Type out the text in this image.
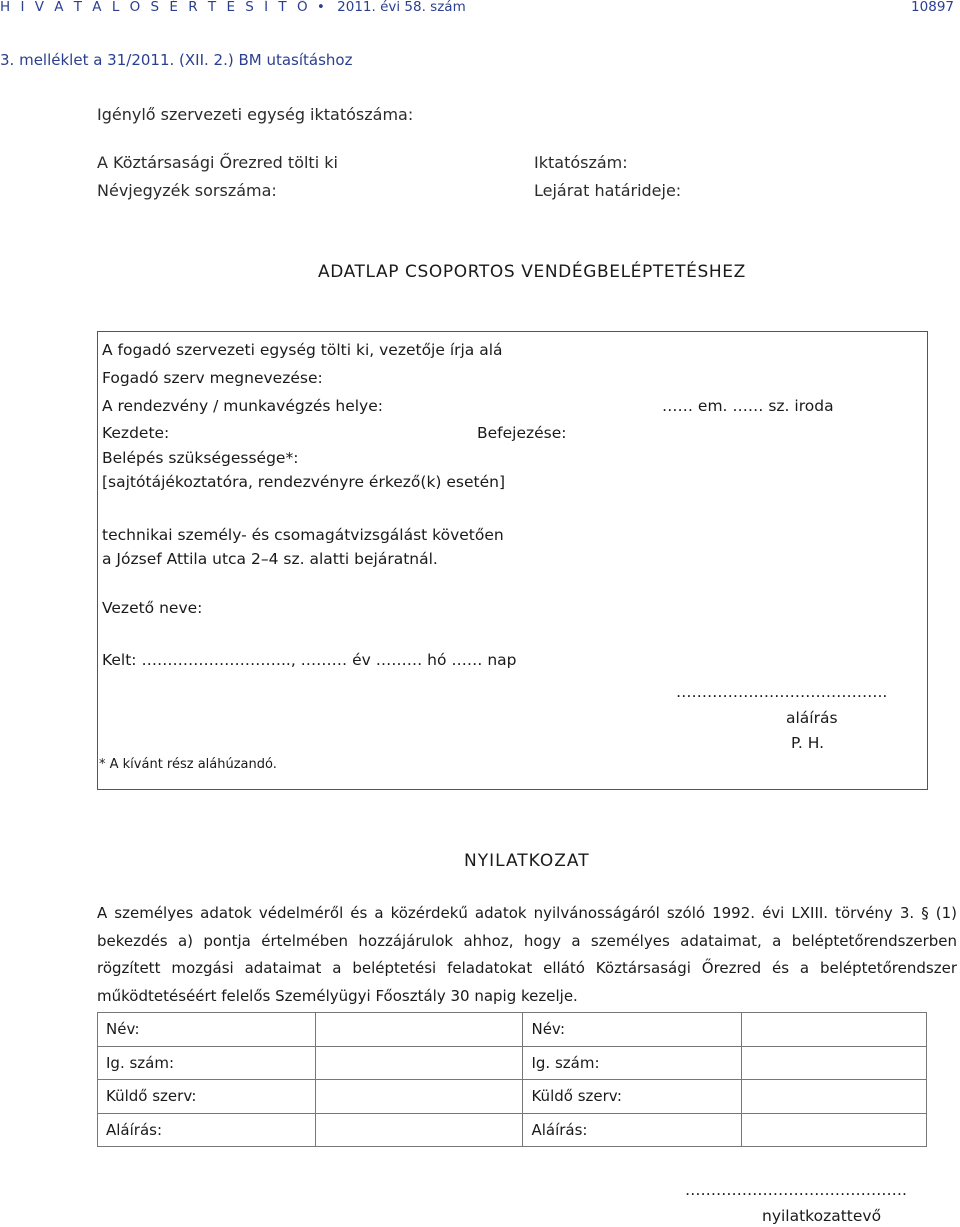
H I V A T A L O S É R T E S Í T Ő • 2011. évi 58. szám	10897
3. melléklet a 31/2011. (XII. 2.) BM utasításhoz
Igénylő szervezeti egység iktatószáma:
A Köztársasági Őrezred tölti ki	Iktatószám:
Névjegyzék sorszáma:	Lejárat határideje:
ADATLAP CSOPORTOS VENDÉGBELÉPTETÉSHEZ
A fogadó szervezeti egység tölti ki, vezetője írja alá
Fogadó szerv megnevezése:
A rendezvény / munkavégzés helye:	…… em. …… sz. iroda
Kezdete:	Befejezése:
Belépés szükségessége*:
[sajtótájékoztatóra, rendezvényre érkező(k) esetén]
technikai személy- és csomagátvizsgálást követően
a József Attila utca 2–4 sz. alatti bejáratnál.
Vezető neve:
Kelt: ……………………….., ……… év ……… hó …… nap
…………………………………..
aláírás
P. H.
* A kívánt rész aláhúzandó.
NYILATKOZAT
A személyes adatok védelméről és a közérdekű adatok nyilvánosságáról szóló 1992. évi LXIII. törvény 3. § (1) bekezdés a) pontja értelmében hozzájárulok ahhoz, hogy a személyes adataimat, a beléptetőrendszerben rögzített mozgási adataimat a beléptetési feladatokat ellátó Köztársasági Őrezred és a beléptetőrendszer működtetéséért felelős Személyügyi Főosztály 30 napig kezelje.
Név:		Név:	
Ig. szám:		Ig. szám:	
Küldő szerv:		Küldő szerv:	
Aláírás:		Aláírás:	
…………………………………….
nyilatkozattevő
